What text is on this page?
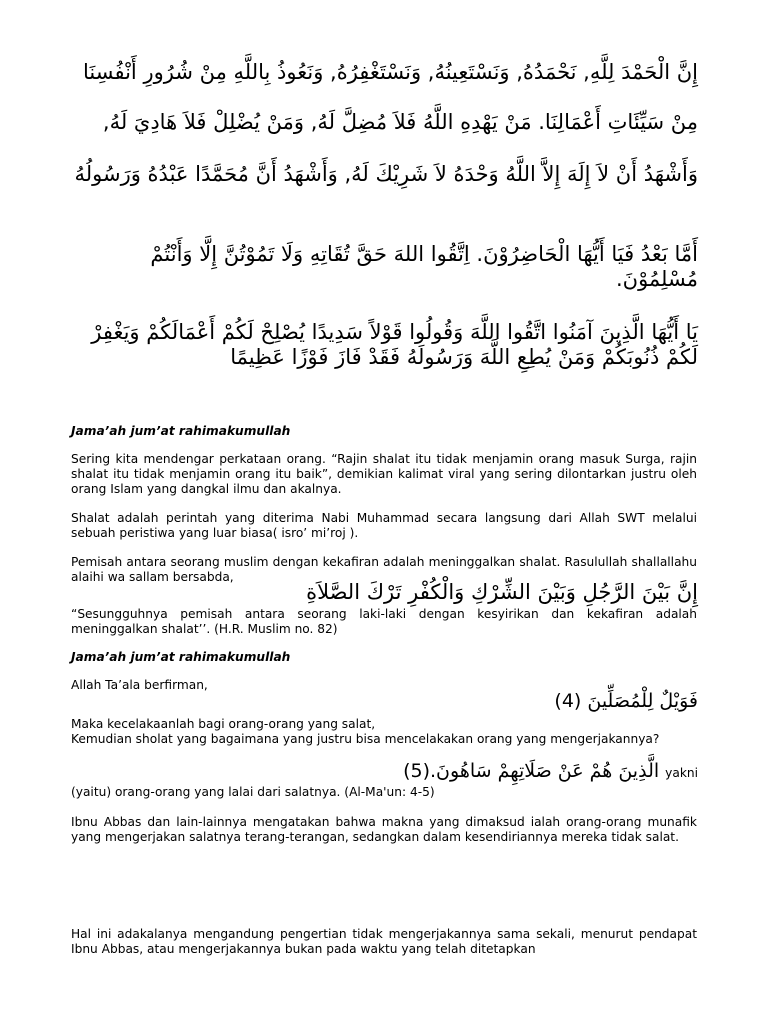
إِنَّ الْحَمْدَ لِلَّهِ, نَحْمَدُهُ, وَنَسْتَعِينُهُ, وَنَسْتَغْفِرُهُ, وَنَعُوذُ بِاللَّهِ مِنْ شُرُورِ أَنْفُسِنَا

مِنْ سَيِّئَاتِ أَعْمَالِنَا. مَنْ يَهْدِهِ اللَّهُ فَلاَ مُضِلَّ لَهُ, وَمَنْ يُضْلِلْ فَلاَ هَادِيَ لَهُ,

وَأَشْهَدُ أَنْ لاَ إِلَهَ إِلاَّ اللَّهُ وَحْدَهُ لاَ شَرِيْكَ لَهُ, وَأَشْهَدُ أَنَّ مُحَمَّدًا عَبْدُهُ وَرَسُولُهُ

أَمَّا بَعْدُ فَيَا أَيُّهَا الْحَاضِرُوْنَ. اِتَّقُوا اللهَ حَقَّ تُقَاتِهِ وَلَا تَمُوْتُنَّ إِلَّا وَأَنْتُمْ مُسْلِمُوْنَ.

يَا أَيُّهَا الَّذِينَ آمَنُوا اتَّقُوا اللَّهَ وَقُولُوا قَوْلاً سَدِيدًا يُصْلِحْ لَكُمْ أَعْمَالَكُمْ وَيَغْفِرْ لَكُمْ ذُنُوبَكُمْ وَمَنْ يُطِعِ اللَّهَ وَرَسُولَهُ فَقَدْ فَازَ فَوْزًا عَظِيمًا

Jama’ah jum’at rahimakumullah

Sering kita mendengar perkataan orang. “Rajin shalat itu tidak menjamin orang masuk Surga, rajin shalat itu tidak menjamin orang itu baik”, demikian kalimat viral yang sering dilontarkan justru oleh orang Islam yang dangkal ilmu dan akalnya.

Shalat adalah perintah yang diterima Nabi Muhammad secara langsung dari Allah SWT melalui sebuah peristiwa yang luar biasa( isro’ mi’roj ).

Pemisah antara seorang muslim dengan kekafiran adalah meninggalkan shalat. Rasulullah shallallahu alaihi wa sallam bersabda,

إِنَّ بَيْنَ الرَّجُلِ وَبَيْنَ الشِّرْكِ وَالْكُفْرِ تَرْكَ الصَّلاَةِ

“Sesungguhnya pemisah antara seorang laki-laki dengan kesyirikan dan kekafiran adalah meninggalkan shalat’’. (H.R. Muslim no. 82)

Jama’ah jum’at rahimakumullah

Allah Ta’ala berfirman,

فَوَيْلٌ لِلْمُصَلِّينَ (4)

Maka kecelakaanlah bagi orang-orang yang salat,

Kemudian sholat yang bagaimana yang justru bisa mencelakakan orang yang mengerjakannya?

الَّذِينَ هُمْ عَنْ صَلَاتِهِمْ سَاهُونَ.(5) yakni

(yaitu) orang-orang yang lalai dari salatnya. (Al-Ma'un: 4-5)

Ibnu Abbas dan lain-lainnya mengatakan bahwa makna yang dimaksud ialah orang-orang munafik yang mengerjakan salatnya terang-terangan, sedangkan dalam kesendiriannya mereka tidak salat.

Hal ini adakalanya mengandung pengertian tidak mengerjakannya sama sekali, menurut pendapat Ibnu Abbas, atau mengerjakannya bukan pada waktu yang telah ditetapkan
